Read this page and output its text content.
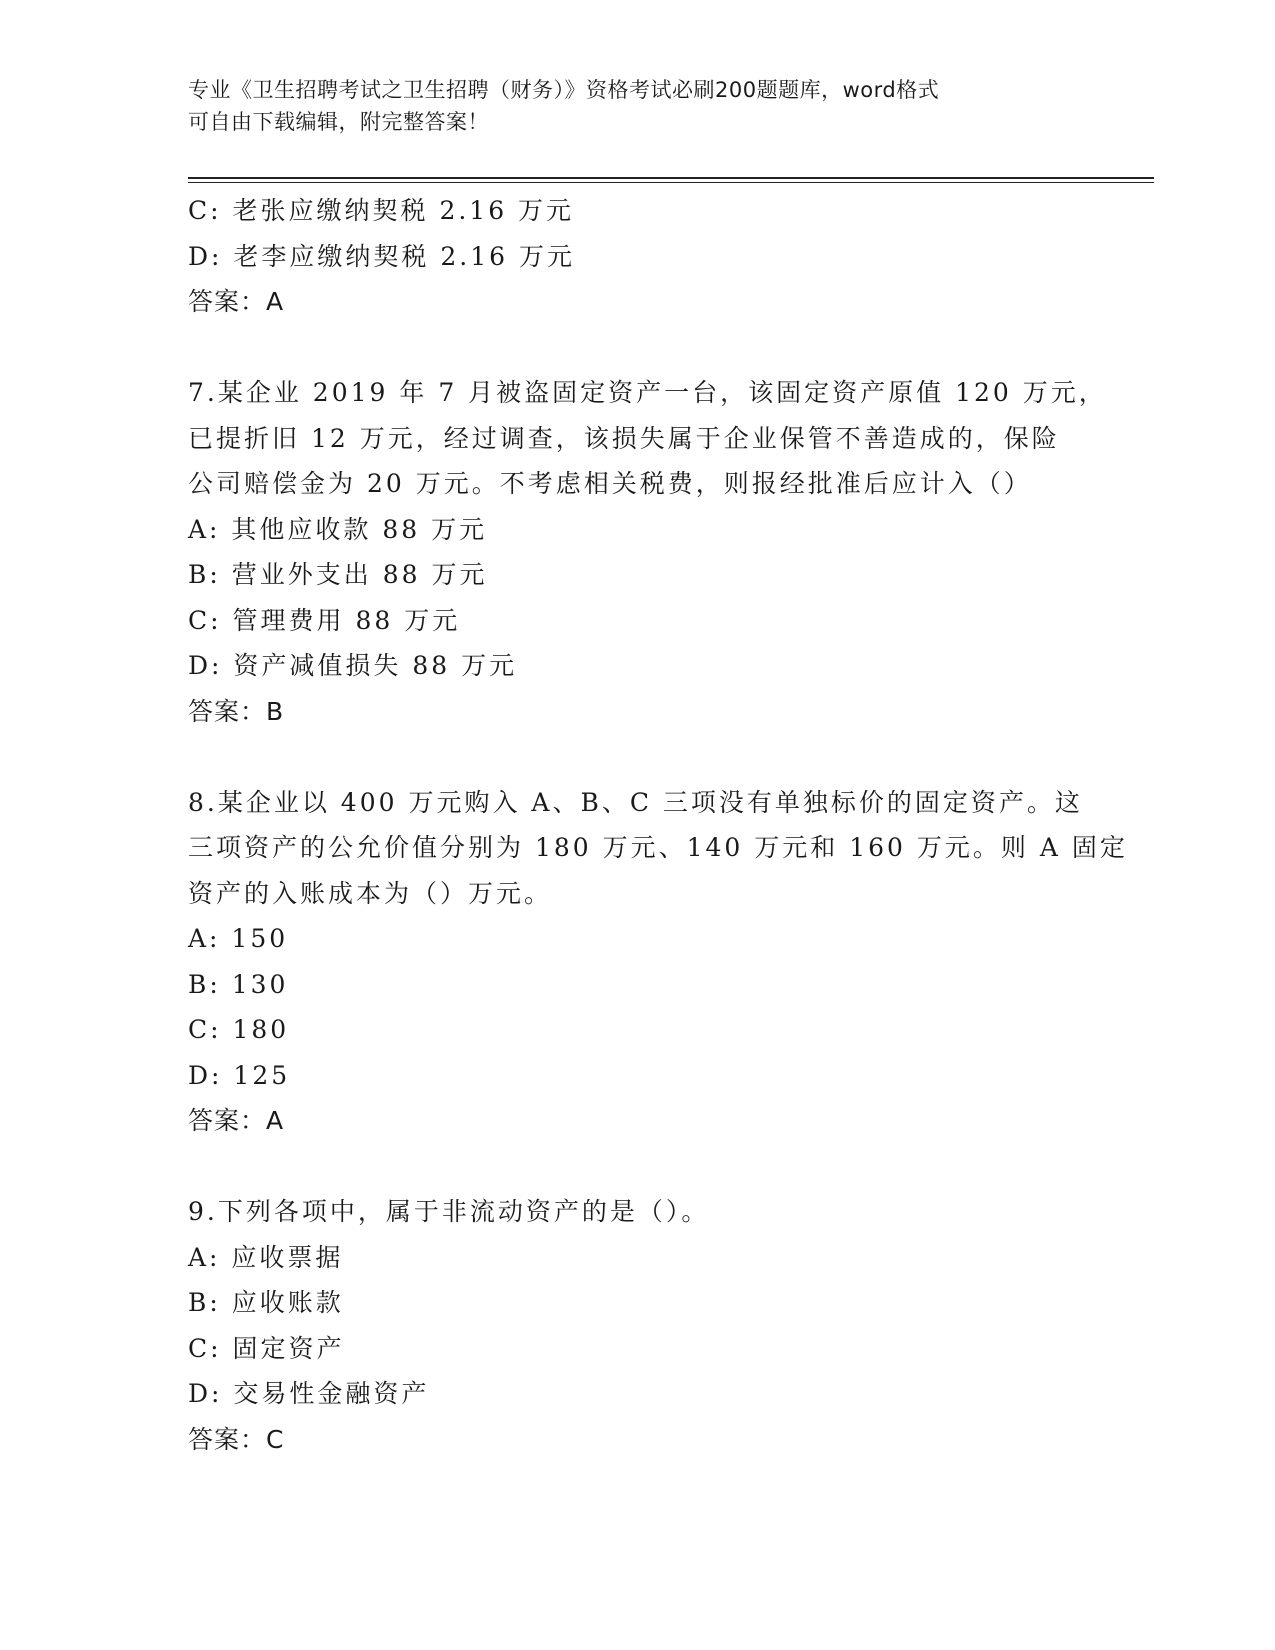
专业《卫生招聘考试之卫生招聘（财务）》资格考试必刷200题题库，word格式
可自由下载编辑，附完整答案！
C: 老张应缴纳契税 2.16 万元
D: 老李应缴纳契税 2.16 万元
答案：A
7.某企业 2019 年 7 月被盗固定资产一台，该固定资产原值 120 万元，
已提折旧 12 万元，经过调查，该损失属于企业保管不善造成的，保险
公司赔偿金为 20 万元。不考虑相关税费，则报经批准后应计入（）
A: 其他应收款 88 万元
B: 营业外支出 88 万元
C: 管理费用 88 万元
D: 资产减值损失 88 万元
答案：B
8.某企业以 400 万元购入 A、B、C 三项没有单独标价的固定资产。这
三项资产的公允价值分别为 180 万元、140 万元和 160 万元。则 A 固定
资产的入账成本为（）万元。
A: 150
B: 130
C: 180
D: 125
答案：A
9.下列各项中，属于非流动资产的是（）。
A: 应收票据
B: 应收账款
C: 固定资产
D: 交易性金融资产
答案：C
